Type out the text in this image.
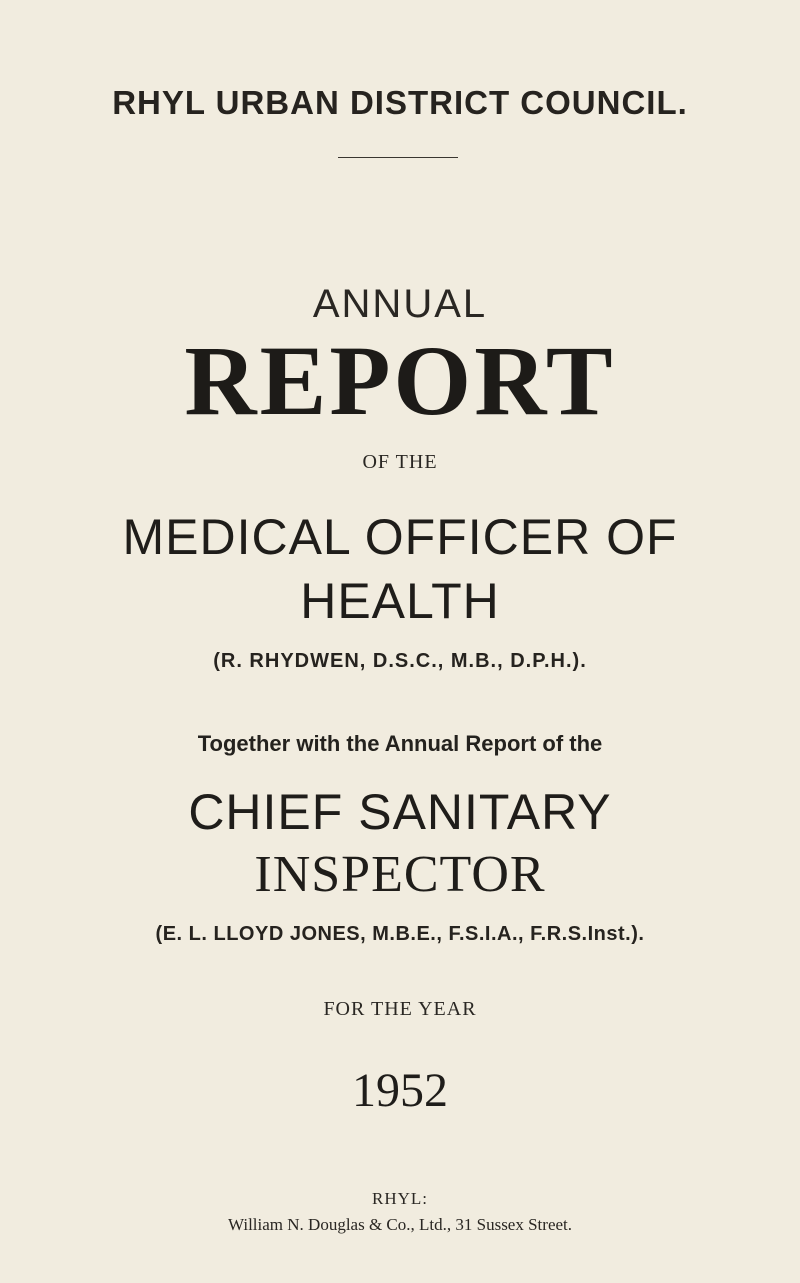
RHYL URBAN DISTRICT COUNCIL.
ANNUAL
REPORT
OF THE
MEDICAL OFFICER OF
HEALTH
(R. RHYDWEN, D.S.C., M.B., D.P.H.).
Together with the Annual Report of the
CHIEF SANITARY
INSPECTOR
(E. L. LLOYD JONES, M.B.E., F.S.I.A., F.R.S.Inst.).
FOR THE YEAR
1952
RHYL:
William N. Douglas & Co., Ltd., 31 Sussex Street.
